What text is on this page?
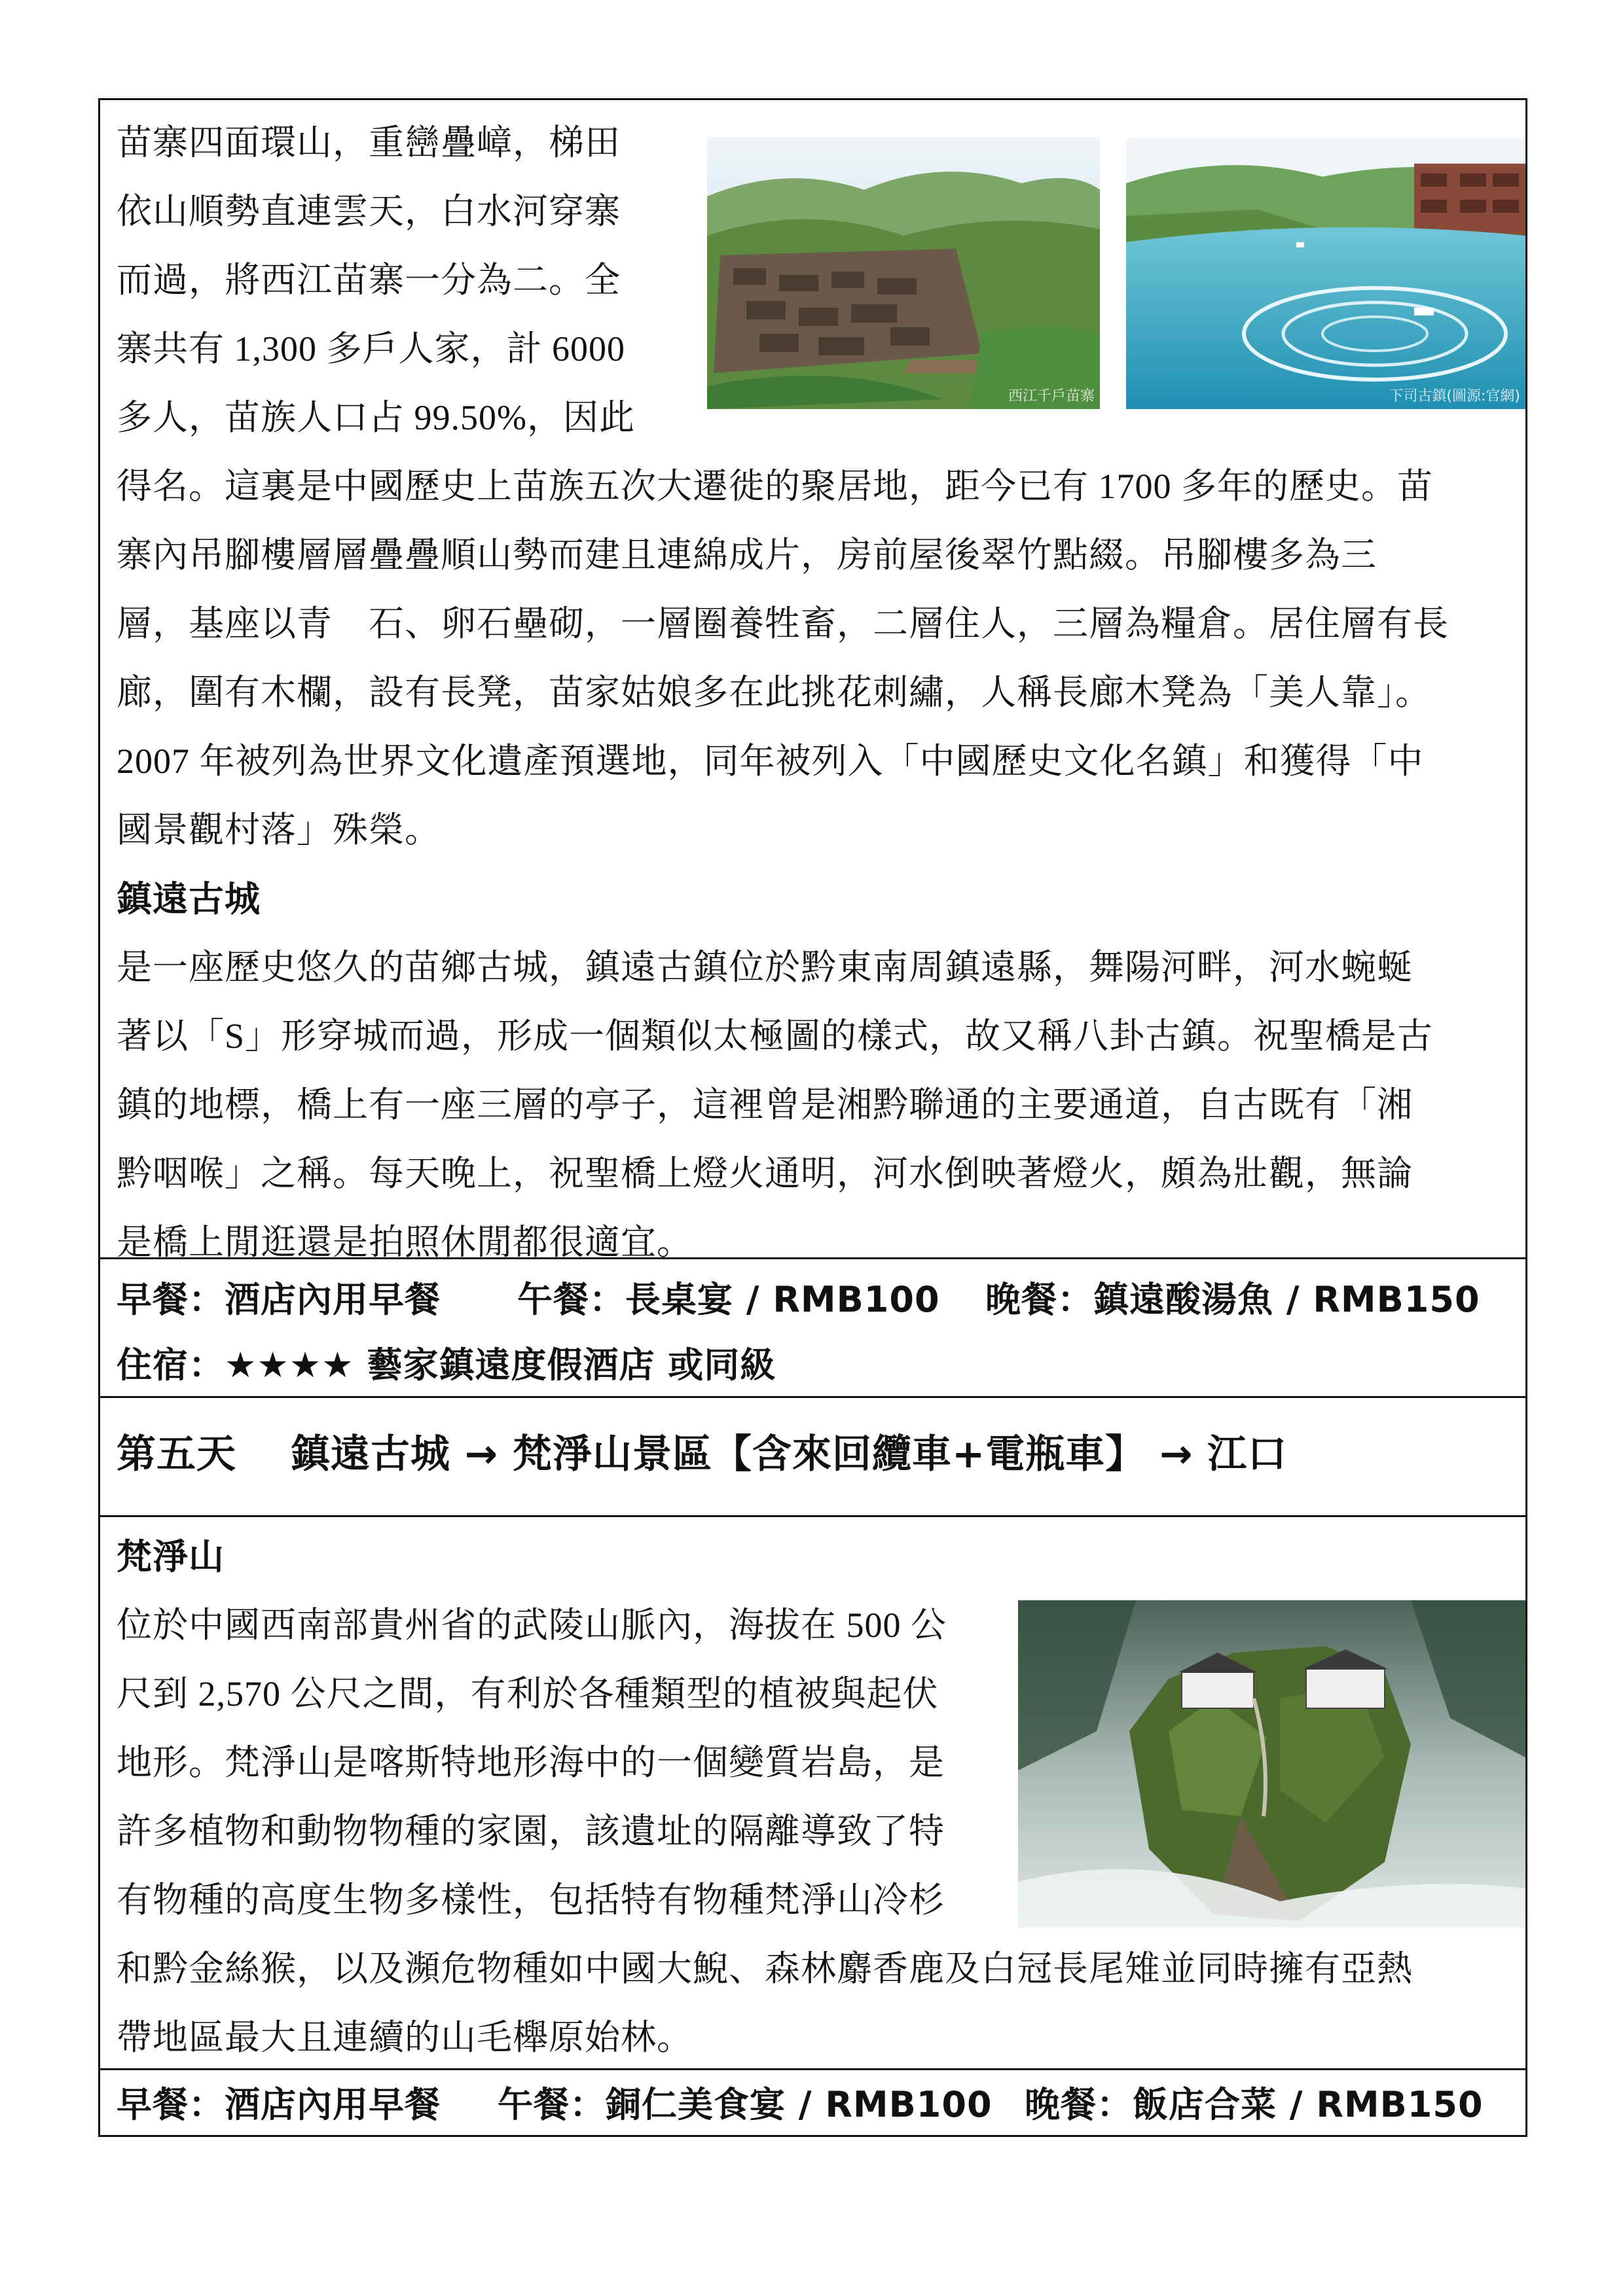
苗寨四面環山，重巒疊嶂，梯田
依山順勢直連雲天，白水河穿寨
而過，將西江苗寨一分為二。全
寨共有 1,300 多戶人家，計 6000
多人，苗族人口占 99.50%，因此
西江千戶苗寨	下司古鎮(圖源:官網)
得名。這裏是中國歷史上苗族五次大遷徙的聚居地，距今已有 1700 多年的歷史。苗
寨內吊腳樓層層疊疊順山勢而建且連綿成片，房前屋後翠竹點綴。吊腳樓多為三
層，基座以青　石、卵石壘砌，一層圈養牲畜，二層住人，三層為糧倉。居住層有長
廊，圍有木欄，設有長凳，苗家姑娘多在此挑花刺繡，人稱長廊木凳為「美人靠」。
2007 年被列為世界文化遺產預選地，同年被列入「中國歷史文化名鎮」和獲得「中
國景觀村落」殊榮。
鎮遠古城
是一座歷史悠久的苗鄉古城，鎮遠古鎮位於黔東南周鎮遠縣，舞陽河畔，河水蜿蜒
著以「S」形穿城而過，形成一個類似太極圖的樣式，故又稱八卦古鎮。祝聖橋是古
鎮的地標，橋上有一座三層的亭子，這裡曾是湘黔聯通的主要通道，自古既有「湘
黔咽喉」之稱。每天晚上，祝聖橋上燈火通明，河水倒映著燈火，頗為壯觀，無論
是橋上閒逛還是拍照休閒都很適宜。
早餐：酒店內用早餐 午餐：長桌宴 / RMB100 晚餐：鎮遠酸湯魚 / RMB150
住宿：★★★★ 藝家鎮遠度假酒店 或同級
第五天　 鎮遠古城 → 梵淨山景區【含來回纜車+電瓶車】 → 江口
梵淨山
位於中國西南部貴州省的武陵山脈內，海拔在 500 公
尺到 2,570 公尺之間，有利於各種類型的植被與起伏
地形。梵淨山是喀斯特地形海中的一個變質岩島，是
許多植物和動物物種的家園，該遺址的隔離導致了特
有物種的高度生物多樣性，包括特有物種梵淨山冷杉
和黔金絲猴，以及瀕危物種如中國大鯢、森林麝香鹿及白冠長尾雉並同時擁有亞熱
帶地區最大且連續的山毛櫸原始林。
早餐：酒店內用早餐 午餐：銅仁美食宴 / RMB100 晚餐：飯店合菜 / RMB150
